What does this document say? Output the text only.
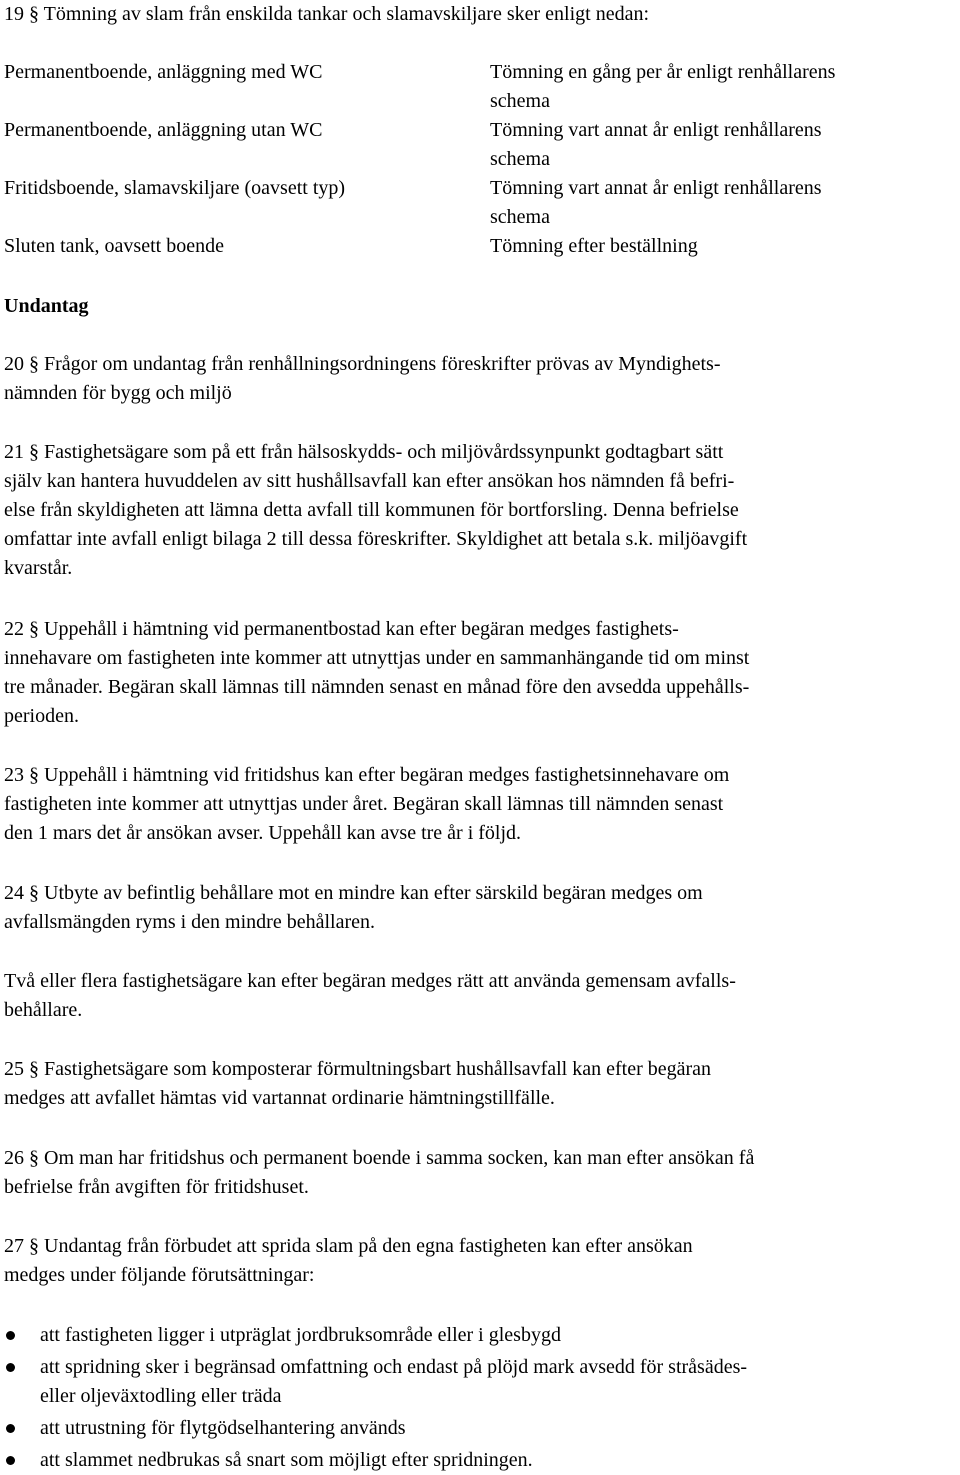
19 § Tömning av slam från enskilda tankar och slamavskiljare sker enligt nedan:

Permanentboende, anläggning med WC	Tömning en gång per år enligt renhållarens
schema
Permanentboende, anläggning utan WC	Tömning vart annat år enligt renhållarens
schema
Fritidsboende, slamavskiljare (oavsett typ)	Tömning vart annat år enligt renhållarens
schema
Sluten tank, oavsett boende	Tömning efter beställning

Undantag

20 § Frågor om undantag från renhållningsordningens föreskrifter prövas av Myndighets-
nämnden för bygg och miljö
21 § Fastighetsägare som på ett från hälsoskydds- och miljövårdssynpunkt godtagbart sätt
själv kan hantera huvuddelen av sitt hushållsavfall kan efter ansökan hos nämnden få befri-
else från skyldigheten att lämna detta avfall till kommunen för bortforsling. Denna befrielse
omfattar inte avfall enligt bilaga 2 till dessa föreskrifter. Skyldighet att betala s.k. miljöavgift
kvarstår.
22 § Uppehåll i hämtning vid permanentbostad kan efter begäran medges fastighets-
innehavare om fastigheten inte kommer att utnyttjas under en sammanhängande tid om minst
tre månader. Begäran skall lämnas till nämnden senast en månad före den avsedda uppehålls-
perioden.
23 § Uppehåll i hämtning vid fritidshus kan efter begäran medges fastighetsinnehavare om
fastigheten inte kommer att utnyttjas under året. Begäran skall lämnas till nämnden senast
den 1 mars det år ansökan avser. Uppehåll kan avse tre år i följd.
24 § Utbyte av befintlig behållare mot en mindre kan efter särskild begäran medges om
avfallsmängden ryms i den mindre behållaren.
Två eller flera fastighetsägare kan efter begäran medges rätt att använda gemensam avfalls-
behållare.
25 § Fastighetsägare som komposterar förmultningsbart hushållsavfall kan efter begäran
medges att avfallet hämtas vid vartannat ordinarie hämtningstillfälle.
26 § Om man har fritidshus och permanent boende i samma socken, kan man efter ansökan få
befrielse från avgiften för fritidshuset.
27 § Undantag från förbudet att sprida slam på den egna fastigheten kan efter ansökan
medges under följande förutsättningar:
att fastigheten ligger i utpräglat jordbruksområde eller i glesbygd
att spridning sker i begränsad omfattning och endast på plöjd mark avsedd för stråsädes-
eller oljeväxtodling eller träda
att utrustning för flytgödselhantering används
att slammet nedbrukas så snart som möjligt efter spridningen.
